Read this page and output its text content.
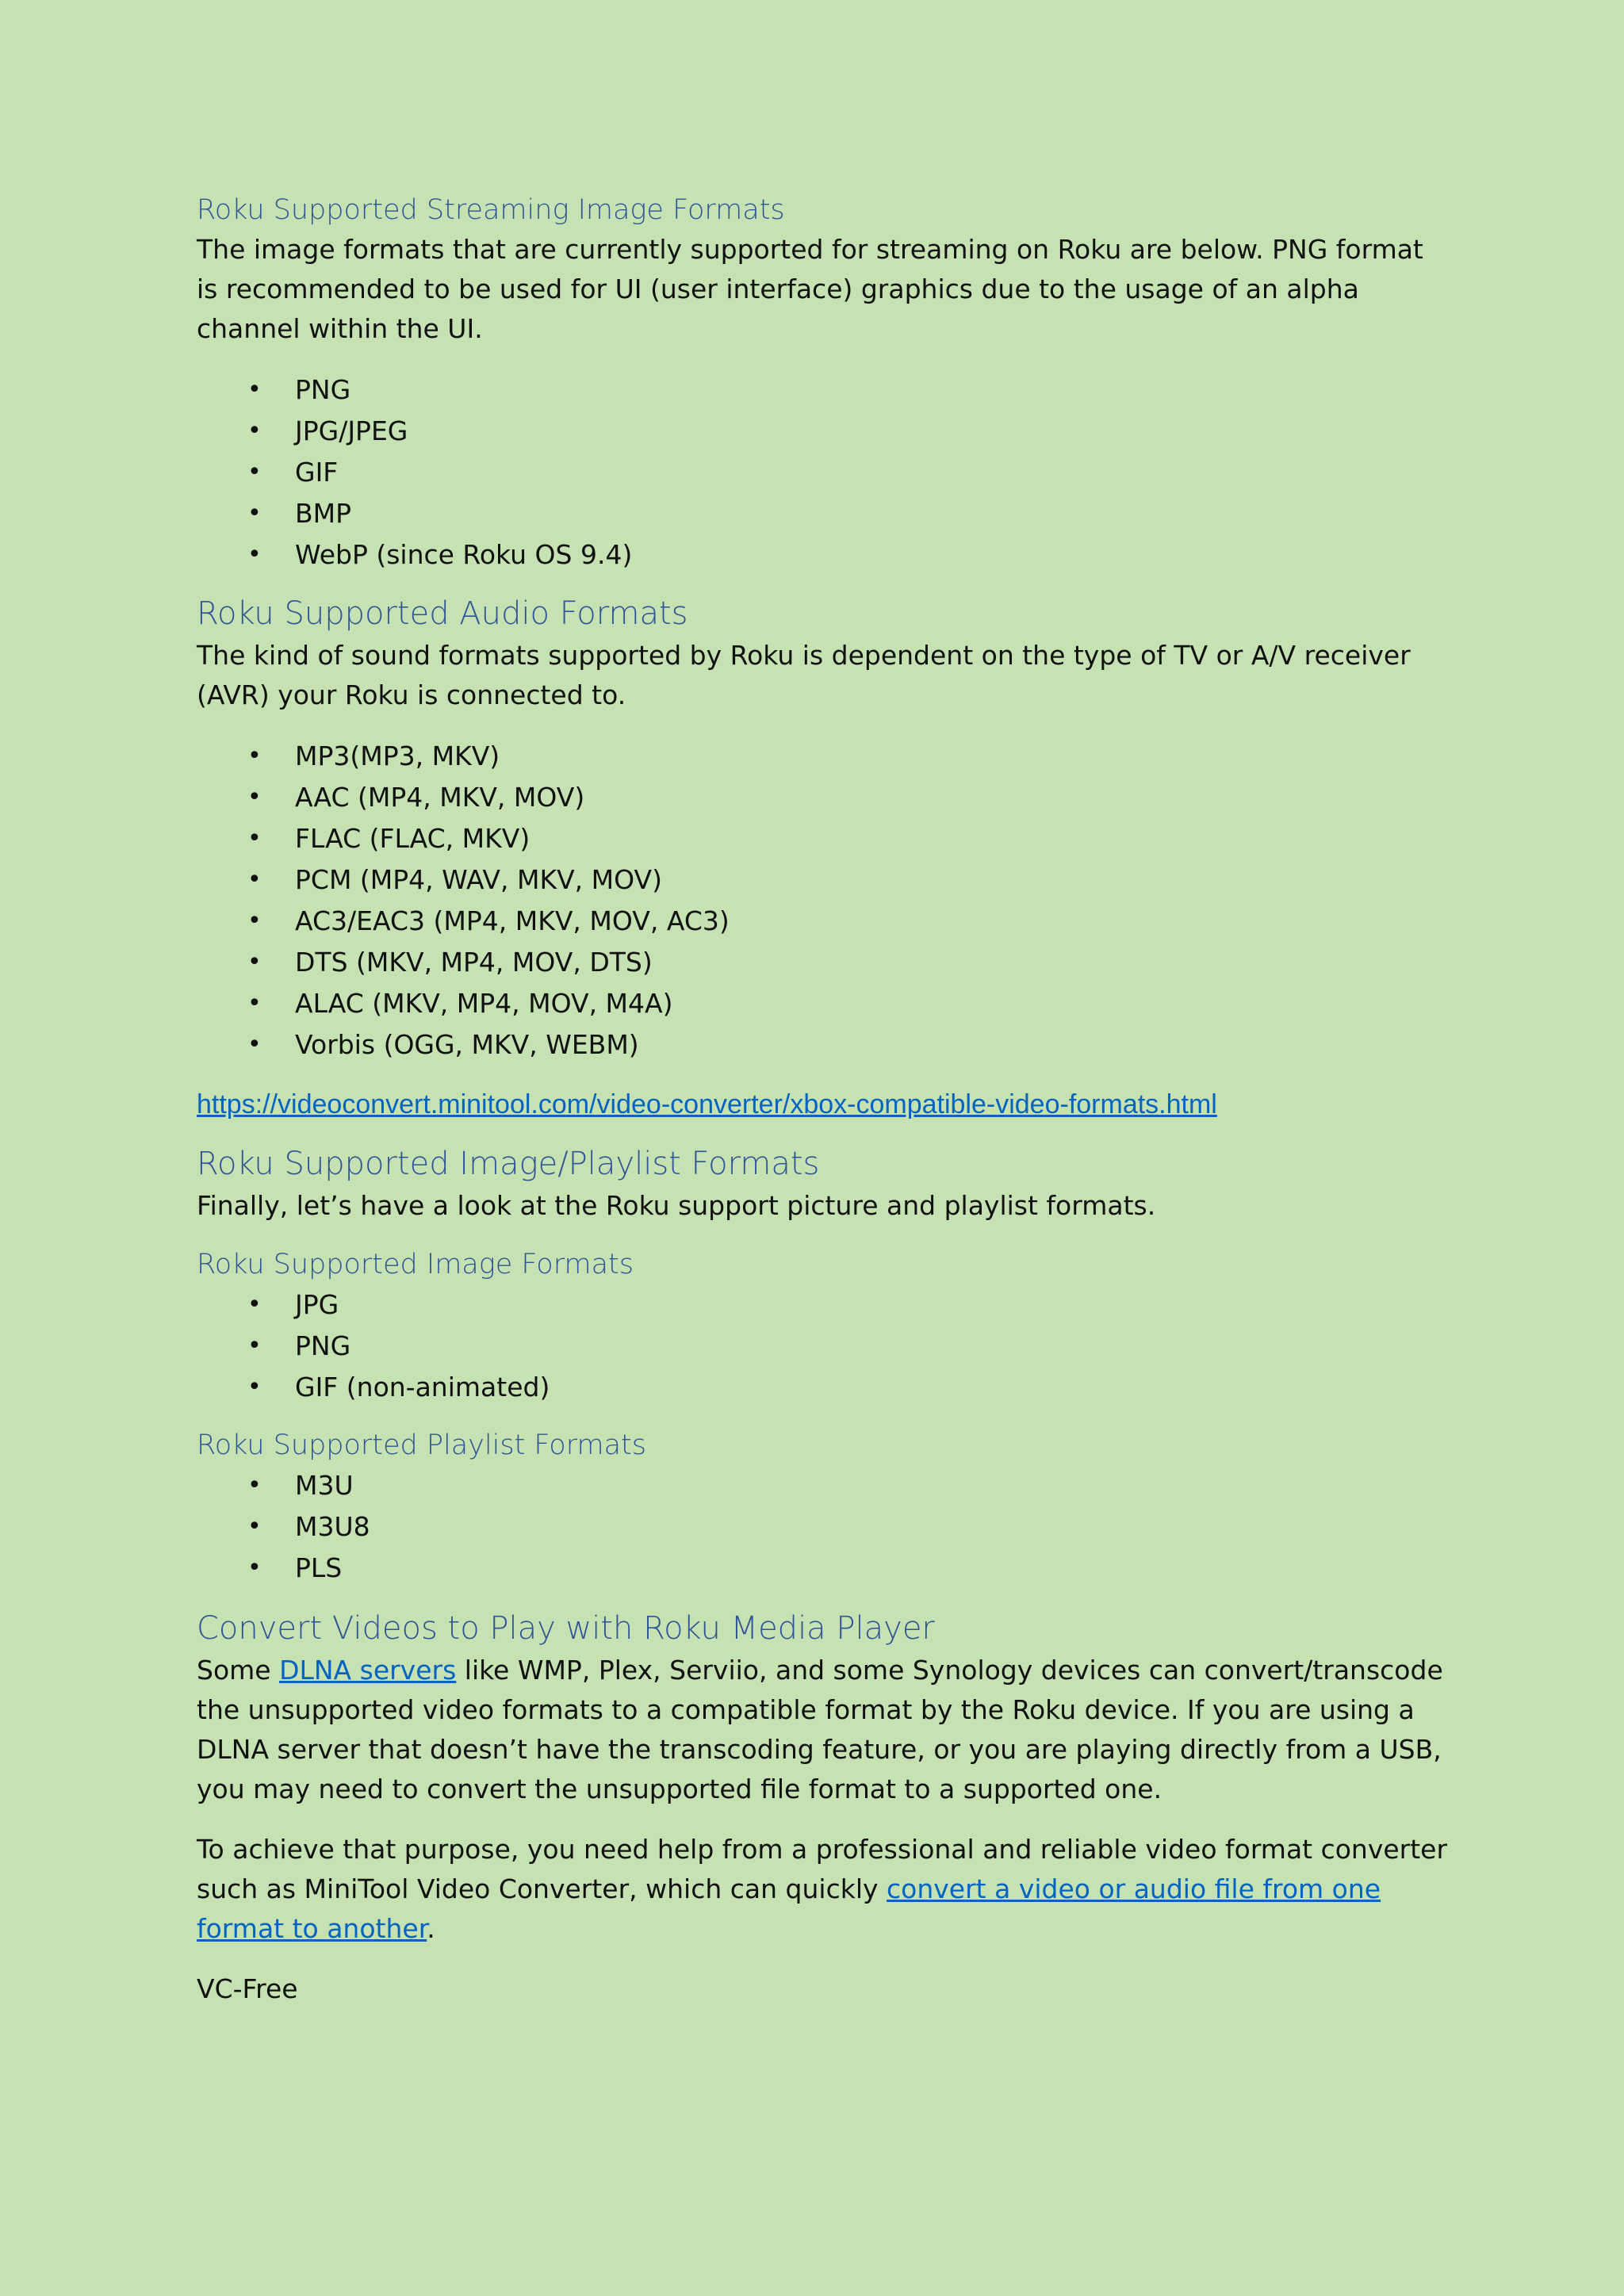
Roku Supported Streaming Image Formats

The image formats that are currently supported for streaming on Roku are below. PNG format is recommended to be used for UI (user interface) graphics due to the usage of an alpha channel within the UI.

• PNG
• JPG/JPEG
• GIF
• BMP
• WebP (since Roku OS 9.4)
Roku Supported Audio Formats

The kind of sound formats supported by Roku is dependent on the type of TV or A/V receiver (AVR) your Roku is connected to.

• MP3(MP3, MKV)
• AAC (MP4, MKV, MOV)
• FLAC (FLAC, MKV)
• PCM (MP4, WAV, MKV, MOV)
• AC3/EAC3 (MP4, MKV, MOV, AC3)
• DTS (MKV, MP4, MOV, DTS)
• ALAC (MKV, MP4, MOV, M4A)
• Vorbis (OGG, MKV, WEBM)
https://videoconvert.minitool.com/video-converter/xbox-compatible-video-formats.html
Roku Supported Image/Playlist Formats

Finally, let’s have a look at the Roku support picture and playlist formats.

Roku Supported Image Formats
• JPG
• PNG
• GIF (non-animated)
Roku Supported Playlist Formats
• M3U
• M3U8
• PLS
Convert Videos to Play with Roku Media Player

Some DLNA servers like WMP, Plex, Serviio, and some Synology devices can convert/transcode the unsupported video formats to a compatible format by the Roku device. If you are using a DLNA server that doesn’t have the transcoding feature, or you are playing directly from a USB, you may need to convert the unsupported file format to a supported one.

To achieve that purpose, you need help from a professional and reliable video format converter such as MiniTool Video Converter, which can quickly convert a video or audio file from one format to another.

VC-Free
